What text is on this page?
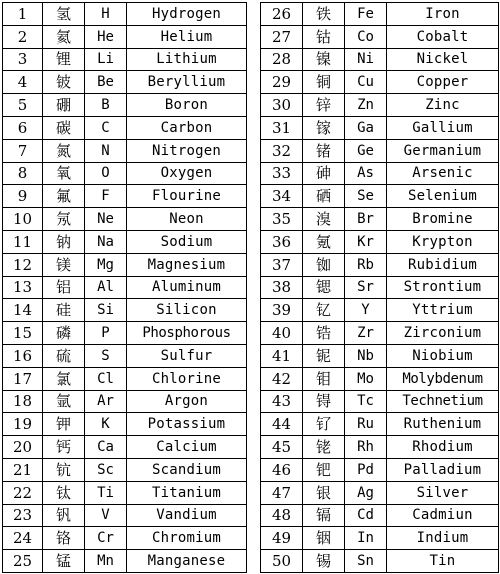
1	氢	H	Hydrogen
2	氦	He	Helium
3	锂	Li	Lithium
4	铍	Be	Beryllium
5	硼	B	Boron
6	碳	C	Carbon
7	氮	N	Nitrogen
8	氧	O	Oxygen
9	氟	F	Flourine
10	氖	Ne	Neon
11	钠	Na	Sodium
12	镁	Mg	Magnesium
13	铝	Al	Aluminum
14	硅	Si	Silicon
15	磷	P	Phosphorous
16	硫	S	Sulfur
17	氯	Cl	Chlorine
18	氩	Ar	Argon
19	钾	K	Potassium
20	钙	Ca	Calcium
21	钪	Sc	Scandium
22	钛	Ti	Titanium
23	钒	V	Vandium
24	铬	Cr	Chromium
25	锰	Mn	Manganese
26	铁	Fe	Iron
27	钴	Co	Cobalt
28	镍	Ni	Nickel
29	铜	Cu	Copper
30	锌	Zn	Zinc
31	镓	Ga	Gallium
32	锗	Ge	Germanium
33	砷	As	Arsenic
34	硒	Se	Selenium
35	溴	Br	Bromine
36	氪	Kr	Krypton
37	铷	Rb	Rubidium
38	锶	Sr	Strontium
39	钇	Y	Yttrium
40	锆	Zr	Zirconium
41	铌	Nb	Niobium
42	钼	Mo	Molybdenum
43	锝	Tc	Technetium
44	钌	Ru	Ruthenium
45	铑	Rh	Rhodium
46	钯	Pd	Palladium
47	银	Ag	Silver
48	镉	Cd	Cadmiun
49	铟	In	Indium
50	锡	Sn	Tin
